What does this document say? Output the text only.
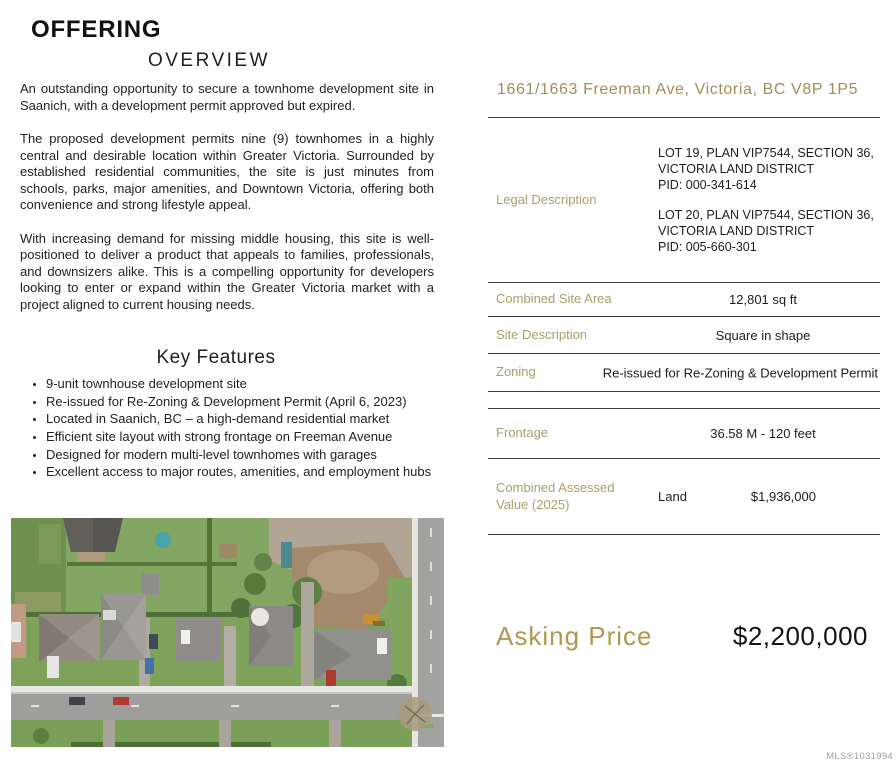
OFFERING
OVERVIEW

An outstanding opportunity to secure a townhome development site in Saanich, with a development permit approved but expired.

The proposed development permits nine (9) townhomes in a highly central and desirable location within Greater Victoria. Surrounded by established residential communities, the site is just minutes from schools, parks, major amenities, and Downtown Victoria, offering both convenience and strong lifestyle appeal.

With increasing demand for missing middle housing, this site is well-positioned to deliver a product that appeals to families, professionals, and downsizers alike. This is a compelling opportunity for developers looking to enter or expand within the Greater Victoria market with a project aligned to current housing needs.

Key Features
• 9-unit townhouse development site
• Re-issued for Re-Zoning & Development Permit (April 6, 2023)
• Located in Saanich, BC – a high-demand residential market
• Efficient site layout with strong frontage on Freeman Avenue
• Designed for modern multi-level townhomes with garages
• Excellent access to major routes, amenities, and employment hubs
1661/1663 Freeman Ave, Victoria, BC V8P 1P5
Legal Description
LOT 19, PLAN VIP7544, SECTION 36,
VICTORIA LAND DISTRICT
PID: 000-341-614
LOT 20, PLAN VIP7544, SECTION 36,
VICTORIA LAND DISTRICT
PID: 005-660-301
Combined Site Area	12,801 sq ft
Site Description	Square in shape
Zoning	Re-issued for Re-Zoning & Development Permit
Frontage	36.58 M - 120 feet
Combined Assessed Value (2025)	Land	$1,936,000
Asking Price	$2,200,000
MLS®1031994
